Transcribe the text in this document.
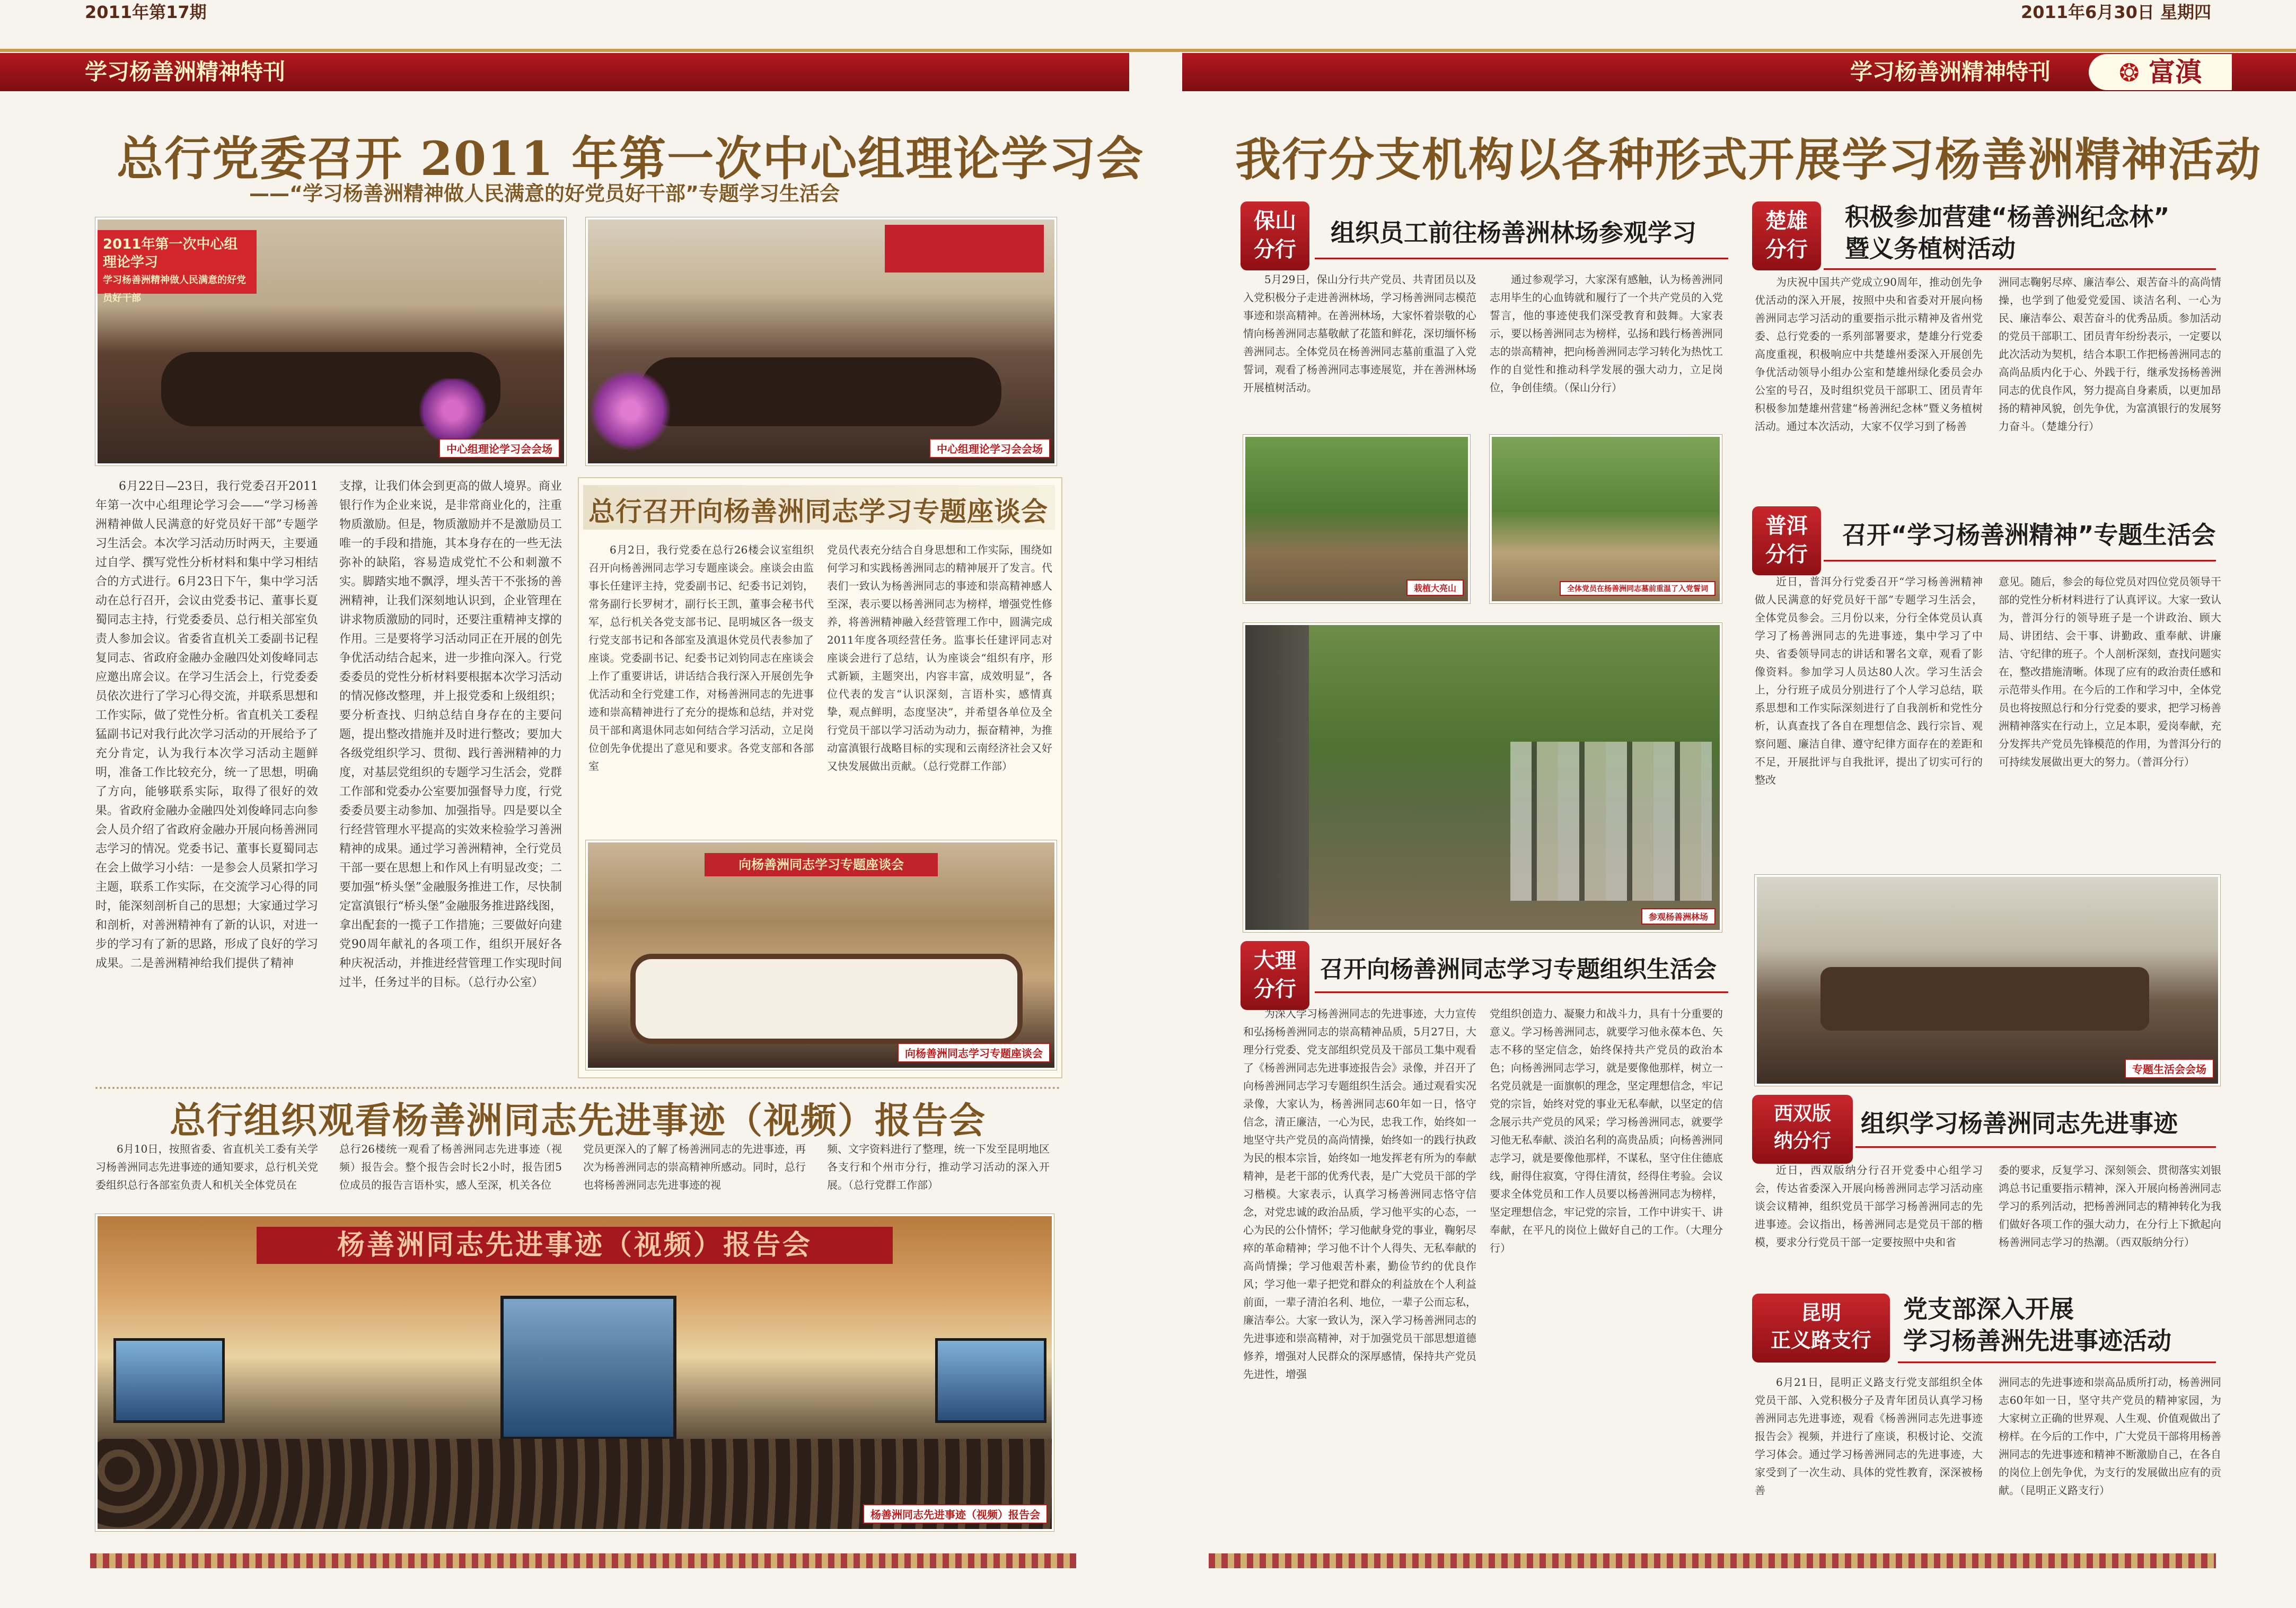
2011年第17期	2011年6月30日 星期四
学习杨善洲精神特刊	学习杨善洲精神特刊	❂ 富滇
总行党委召开 2011 年第一次中心组理论学习会
——“学习杨善洲精神做人民满意的好党员好干部”专题学习生活会
2011年第一次中心组理论学习
学习杨善洲精神做人民满意的好党员好干部
中心组理论学习会会场	中心组理论学习会会场

6月22日—23日，我行党委召开2011年第一次中心组理论学习会——“学习杨善洲精神做人民满意的好党员好干部”专题学习生活会。本次学习活动历时两天，主要通过自学、撰写党性分析材料和集中学习相结合的方式进行。6月23日下午，集中学习活动在总行召开，会议由党委书记、董事长夏蜀同志主持，行党委委员、总行相关部室负责人参加会议。省委省直机关工委副书记程复同志、省政府金融办金融四处刘俊峰同志应邀出席会议。在学习生活会上，行党委委员依次进行了学习心得交流，并联系思想和工作实际，做了党性分析。省直机关工委程猛副书记对我行此次学习活动的开展给予了充分肯定，认为我行本次学习活动主题鲜明，准备工作比较充分，统一了思想，明确了方向，能够联系实际，取得了很好的效果。省政府金融办金融四处刘俊峰同志向参会人员介绍了省政府金融办开展向杨善洲同志学习的情况。党委书记、董事长夏蜀同志在会上做学习小结：一是参会人员紧扣学习主题，联系工作实际，在交流学习心得的同时，能深刻剖析自己的思想；大家通过学习和剖析，对善洲精神有了新的认识，对进一步的学习有了新的思路，形成了良好的学习成果。二是善洲精神给我们提供了精神

支撑，让我们体会到更高的做人境界。商业银行作为企业来说，是非常商业化的，注重物质激励。但是，物质激励并不是激励员工唯一的手段和措施，其本身存在的一些无法弥补的缺陷，容易造成党忙不公和刺激不实。脚踏实地不飘浮，埋头苦干不张扬的善洲精神，让我们深刻地认识到，企业管理在讲求物质激励的同时，还要注重精神支撑的作用。三是要将学习活动同正在开展的创先争优活动结合起来，进一步推向深入。行党委委员的党性分析材料要根据本次学习活动的情况修改整理，并上报党委和上级组织；要分析查找、归纳总结自身存在的主要问题，提出整改措施并及时进行整改；要加大各级党组织学习、贯彻、践行善洲精神的力度，对基层党组织的专题学习生活会，党群工作部和党委办公室要加强督导力度，行党委委员要主动参加、加强指导。四是要以全行经营管理水平提高的实效来检验学习善洲精神的成果。通过学习善洲精神，全行党员干部一要在思想上和作风上有明显改变；二要加强“桥头堡”金融服务推进工作，尽快制定富滇银行“桥头堡”金融服务推进路线图，拿出配套的一揽子工作措施；三要做好向建党90周年献礼的各项工作，组织开展好各种庆祝活动，并推进经营管理工作实现时间过半，任务过半的目标。（总行办公室）

总行召开向杨善洲同志学习专题座谈会

6月2日，我行党委在总行26楼会议室组织召开向杨善洲同志学习专题座谈会。座谈会由监事长任建评主持，党委副书记、纪委书记刘钧，常务副行长罗树才，副行长王凯，董事会秘书代军，总行机关各党支部书记、昆明城区各一级支行党支部书记和各部室及滇退休党员代表参加了座谈。党委副书记、纪委书记刘钧同志在座谈会上作了重要讲话，讲话结合我行深入开展创先争优活动和全行党建工作，对杨善洲同志的先进事迹和崇高精神进行了充分的提炼和总结，并对党员干部和离退休同志如何结合学习活动，立足岗位创先争优提出了意见和要求。各党支部和各部室

党员代表充分结合自身思想和工作实际，围绕如何学习和实践杨善洲同志的精神展开了发言。代表们一致认为杨善洲同志的事迹和崇高精神感人至深，表示要以杨善洲同志为榜样，增强党性修养，将善洲精神融入经营管理工作中，圆满完成2011年度各项经营任务。监事长任建评同志对座谈会进行了总结，认为座谈会“组织有序，形式新颖，主题突出，内容丰富，成效明显”，各位代表的发言“认识深刻，言语朴实，感情真挚，观点鲜明，态度坚决”，并希望各单位及全行党员干部以学习活动为动力，振奋精神，为推动富滇银行战略目标的实现和云南经济社会又好又快发展做出贡献。（总行党群工作部）

向杨善洲同志学习专题座谈会
向杨善洲同志学习专题座谈会
总行组织观看杨善洲同志先进事迹（视频）报告会

6月10日，按照省委、省直机关工委有关学习杨善洲同志先进事迹的通知要求，总行机关党委组织总行各部室负责人和机关全体党员在

总行26楼统一观看了杨善洲同志先进事迹（视频）报告会。整个报告会时长2小时，报告团5位成员的报告言语朴实，感人至深，机关各位

党员更深入的了解了杨善洲同志的先进事迹，再次为杨善洲同志的崇高精神所感动。同时，总行也将杨善洲同志先进事迹的视

频、文字资料进行了整理，统一下发至昆明地区各支行和个州市分行，推动学习活动的深入开展。（总行党群工作部）

杨善洲同志先进事迹（视频）报告会
杨善洲同志先进事迹（视频）报告会
我行分支机构以各种形式开展学习杨善洲精神活动
保山
分行
组织员工前往杨善洲林场参观学习

5月29日，保山分行共产党员、共青团员以及入党积极分子走进善洲林场，学习杨善洲同志模范事迹和崇高精神。在善洲林场，大家怀着崇敬的心情向杨善洲同志墓敬献了花篮和鲜花，深切缅怀杨善洲同志。全体党员在杨善洲同志墓前重温了入党誓词，观看了杨善洲同志事迹展览，并在善洲林场开展植树活动。

通过参观学习，大家深有感触，认为杨善洲同志用毕生的心血铸就和履行了一个共产党员的入党誓言，他的事迹使我们深受教育和鼓舞。大家表示，要以杨善洲同志为榜样，弘扬和践行杨善洲同志的崇高精神，把向杨善洲同志学习转化为热忱工作的自觉性和推动科学发展的强大动力，立足岗位，争创佳绩。（保山分行）

栽植大亮山	全体党员在杨善洲同志墓前重温了入党誓词
参观杨善洲林场
大理
分行
召开向杨善洲同志学习专题组织生活会

为深入学习杨善洲同志的先进事迹，大力宣传和弘扬杨善洲同志的崇高精神品质，5月27日，大理分行党委、党支部组织党员及干部员工集中观看了《杨善洲同志先进事迹报告会》录像，并召开了向杨善洲同志学习专题组织生活会。通过观看实况录像，大家认为，杨善洲同志60年如一日，恪守信念，清正廉洁，一心为民，忠我工作，始终如一地坚守共产党员的高尚情操，始终如一的践行执政为民的根本宗旨，始终如一地发挥老有所为的奉献精神，是老干部的优秀代表，是广大党员干部的学习楷模。大家表示，认真学习杨善洲同志恪守信念，对党忠诚的政治品质，学习他平实的心态，一心为民的公仆情怀；学习他献身党的事业，鞠躬尽瘁的革命精神；学习他不计个人得失、无私奉献的高尚情操；学习他艰苦朴素，勤俭节约的优良作风；学习他一辈子把党和群众的利益放在个人利益前面，一辈子清泊名利、地位，一辈子公而忘私，廉洁奉公。大家一致认为，深入学习杨善洲同志的先进事迹和崇高精神，对于加强党员干部思想道德修养，增强对人民群众的深厚感情，保持共产党员先进性，增强

党组织创造力、凝聚力和战斗力，具有十分重要的意义。学习杨善洲同志，就要学习他永葆本色、矢志不移的坚定信念，始终保持共产党员的政治本色；向杨善洲同志学习，就是要像他那样，树立一名党员就是一面旗帜的理念，坚定理想信念，牢记党的宗旨，始终对党的事业无私奉献，以坚定的信念展示共产党员的风采；学习杨善洲同志，就要学习他无私奉献、淡泊名利的高贵品质；向杨善洲同志学习，就是要像他那样，不谋私，坚守住住德底线，耐得住寂寞，守得住清贫，经得住考验。会议要求全体党员和工作人员要以杨善洲同志为榜样，坚定理想信念，牢记党的宗旨，工作中讲实干、讲奉献，在平凡的岗位上做好自己的工作。（大理分行）

楚雄
分行
积极参加营建“杨善洲纪念林”
暨义务植树活动

为庆祝中国共产党成立90周年，推动创先争优活动的深入开展，按照中央和省委对开展向杨善洲同志学习活动的重要指示批示精神及省州党委、总行党委的一系列部署要求，楚雄分行党委高度重视，积极响应中共楚雄州委深入开展创先争优活动领导小组办公室和楚雄州绿化委员会办公室的号召，及时组织党员干部职工、团员青年积极参加楚雄州营建“杨善洲纪念林”暨义务植树活动。通过本次活动，大家不仅学习到了杨善

洲同志鞠躬尽瘁、廉洁奉公、艰苦奋斗的高尚情操，也学到了他爱党爱国、谈洁名利、一心为民、廉洁奉公、艰苦奋斗的优秀品质。参加活动的党员干部职工、团员青年纷纷表示，一定要以此次活动为契机，结合本职工作把杨善洲同志的高尚品质内化于心、外践于行，继承发扬杨善洲同志的优良作风，努力提高自身素质，以更加昂扬的精神风貌，创先争优，为富滇银行的发展努力奋斗。（楚雄分行）

普洱
分行
召开“学习杨善洲精神”专题生活会

近日，普洱分行党委召开“学习杨善洲精神做人民满意的好党员好干部”专题学习生活会，全体党员参会。三月份以来，分行全体党员认真学习了杨善洲同志的先进事迹，集中学习了中央、省委领导同志的讲话和署名文章，观看了影像资料。参加学习人员达80人次。学习生活会上，分行班子成员分别进行了个人学习总结，联系思想和工作实际深刻进行了自我剖析和党性分析，认真查找了各自在理想信念、践行宗旨、观察问题、廉洁自律、遵守纪律方面存在的差距和不足，开展批评与自我批评，提出了切实可行的整改

意见。随后，参会的每位党员对四位党员领导干部的党性分析材料进行了认真评议。大家一致认为，普洱分行的领导班子是一个讲政治、顾大局、讲团结、会干事、讲勤政、重奉献、讲廉洁、守纪律的班子。个人剖析深刻，查找问题实在，整改措施清晰。体现了应有的政治责任感和示范带头作用。在今后的工作和学习中，全体党员也将按照总行和分行党委的要求，把学习杨善洲精神落实在行动上，立足本职，爱岗奉献，充分发挥共产党员先锋模范的作用，为普洱分行的可持续发展做出更大的努力。（普洱分行）

专题生活会会场
西双版
纳分行
组织学习杨善洲同志先进事迹

近日，西双版纳分行召开党委中心组学习会，传达省委深入开展向杨善洲同志学习活动座谈会议精神，组织党员干部学习杨善洲同志的先进事迹。会议指出，杨善洲同志是党员干部的楷模，要求分行党员干部一定要按照中央和省

委的要求，反复学习、深刻领会、贯彻落实刘银鸿总书记重要指示精神，深入开展向杨善洲同志学习的系列活动，把杨善洲同志的精神转化为我们做好各项工作的强大动力，在分行上下掀起向杨善洲同志学习的热潮。（西双版纳分行）

昆明
正义路支行
党支部深入开展
学习杨善洲先进事迹活动

6月21日，昆明正义路支行党支部组织全体党员干部、入党积极分子及青年团员认真学习杨善洲同志先进事迹，观看《杨善洲同志先进事迹报告会》视频，并进行了座谈，积极讨论、交流学习体会。通过学习杨善洲同志的先进事迹，大家受到了一次生动、具体的党性教育，深深被杨善

洲同志的先进事迹和崇高品质所打动，杨善洲同志60年如一日，坚守共产党员的精神家园，为大家树立正确的世界观、人生观、价值观做出了榜样。在今后的工作中，广大党员干部将用杨善洲同志的先进事迹和精神不断激励自己，在各自的岗位上创先争优，为支行的发展做出应有的贡献。（昆明正义路支行）
